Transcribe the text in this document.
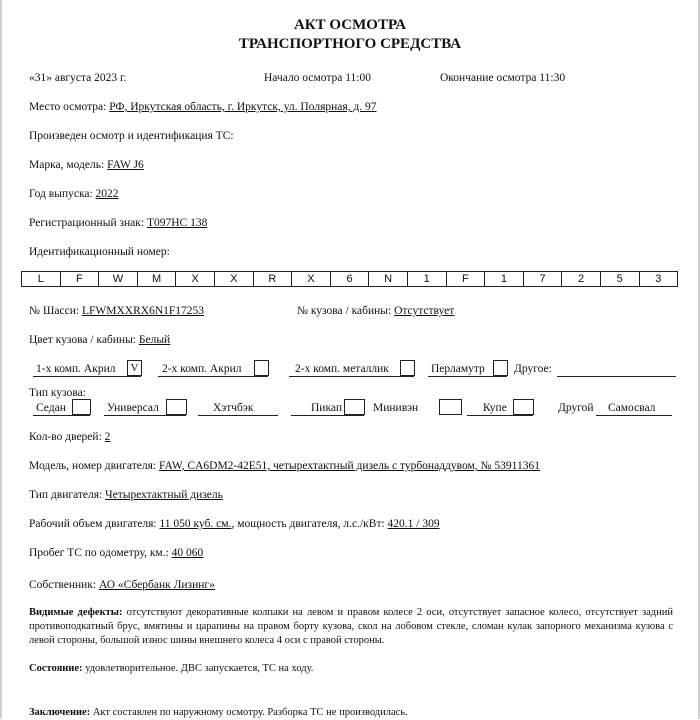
АКТ ОСМОТРА
ТРАНСПОРТНОГО СРЕДСТВА
«31» августа 2023 г.	Начало осмотра 11:00	Окончание осмотра 11:30
Место осмотра: РФ, Иркутская область, г. Иркутск, ул. Полярная, д. 97
Произведен осмотр и идентификация ТС:
Марка, модель: FAW J6
Год выпуска: 2022
Регистрационный знак: Т097НС 138
Идентификационный номер:
L	F	W	M	X	X	R	X	6	N	1	F	1	7	2	5	3
№ Шасси: LFWMXXRX6N1F17253	№ кузова / кабины: Отсутствует
Цвет кузова / кабины: Белый
1-х комп. Акрил	V	2-х комп. Акрил	2-х комп. металлик	Перламутр	Другое:
Тип кузова:
Седан	Универсал	Хэтчбэк	Пикап	Минивэн	Купе	Другой Самосвал
Кол-во дверей: 2
Модель, номер двигателя: FAW, CA6DM2-42E51, четырехтактный дизель с турбонаддувом, № 53911361
Тип двигателя: Четырехтактный дизель
Рабочий объем двигателя: 11 050 куб. см., мощность двигателя, л.с./кВт: 420.1 / 309
Пробег ТС по одометру, км.: 40 060
Собственник: АО «Сбербанк Лизинг»
Видимые дефекты: отсутствуют декоративные колпаки на левом и правом колесе 2 оси, отсутствует запасное колесо, отсутствует задний противоподкатный брус, вмятины и царапины на правом борту кузова, скол на лобовом стекле, сломан кулак запорного механизма кузова с левой стороны, большой износ шины внешнего колеса 4 оси с правой стороны.
Состояние: удовлетворительное. ДВС запускается, ТС на ходу.
Заключение: Акт составлен по наружному осмотру. Разборка ТС не производилась.
